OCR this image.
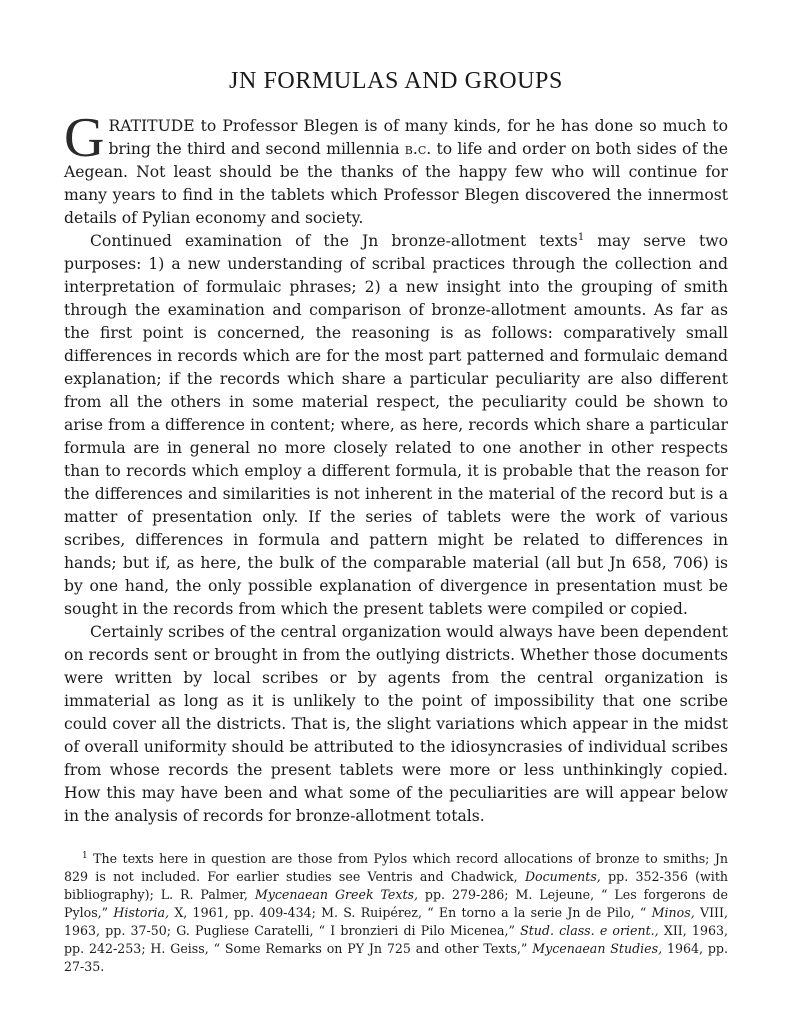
JN FORMULAS AND GROUPS

GRATITUDE to Professor Blegen is of many kinds, for he has done so much to bring the third and second millennia b.c. to life and order on both sides of the Aegean. Not least should be the thanks of the happy few who will continue for many years to find in the tablets which Professor Blegen discovered the innermost details of Pylian economy and society.

Continued examination of the Jn bronze-allotment texts$^1$ may serve two purposes: 1) a new understanding of scribal practices through the collection and interpretation of formulaic phrases; 2) a new insight into the grouping of smith through the examination and comparison of bronze-allotment amounts. As far as the first point is concerned, the reasoning is as follows: comparatively small differences in records which are for the most part patterned and formulaic demand explanation; if the records which share a particular peculiarity are also different from all the others in some material respect, the peculiarity could be shown to arise from a difference in content; where, as here, records which share a particular formula are in general no more closely related to one another in other respects than to records which employ a different formula, it is probable that the reason for the differences and similarities is not inherent in the material of the record but is a matter of presentation only. If the series of tablets were the work of various scribes, differences in formula and pattern might be related to differences in hands; but if, as here, the bulk of the comparable material (all but Jn 658, 706) is by one hand, the only possible explanation of divergence in presentation must be sought in the records from which the present tablets were compiled or copied.

Certainly scribes of the central organization would always have been dependent on records sent or brought in from the outlying districts. Whether those documents were written by local scribes or by agents from the central organization is immaterial as long as it is unlikely to the point of impossibility that one scribe could cover all the districts. That is, the slight variations which appear in the midst of overall uniformity should be attributed to the idiosyncrasies of individual scribes from whose records the present tablets were more or less unthinkingly copied. How this may have been and what some of the peculiarities are will appear below in the analysis of records for bronze-allotment totals.

$^1$ The texts here in question are those from Pylos which record allocations of bronze to smiths; Jn 829 is not included. For earlier studies see Ventris and Chadwick, Documents, pp. 352-356 (with bibliography); L. R. Palmer, Mycenaean Greek Texts, pp. 279-286; M. Lejeune, “ Les forgerons de Pylos,” Historia, X, 1961, pp. 409-434; M. S. Ruipérez, “ En torno a la serie Jn de Pilo, “ Minos, VIII, 1963, pp. 37-50; G. Pugliese Caratelli, “ I bronzieri di Pilo Micenea,” Stud. class. e orient., XII, 1963, pp. 242-253; H. Geiss, “ Some Remarks on PY Jn 725 and other Texts,” Mycenaean Studies, 1964, pp. 27-35.
